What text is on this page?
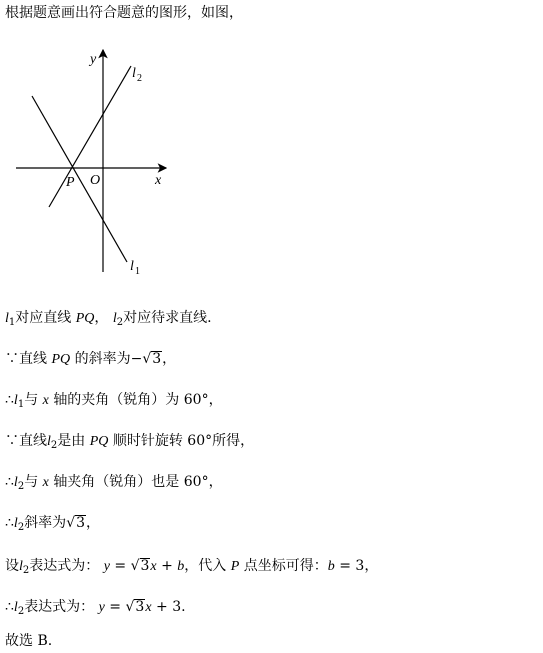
根据题意画出符合题意的图形，如图，
y
x
O
P
l 2
l 1
$l_1$对应直线 PQ， $l_2$对应待求直线.
∵直线 PQ 的斜率为−√3，
$\therefore l_1$与 x 轴的夹角（锐角）为 60°，
∵直线$l_2$是由 PQ 顺时针旋转 60°所得，
$\therefore l_2$与 x 轴夹角（锐角）也是 60°，
$\therefore l_2$斜率为√3，
设$l_2$表达式为： y = √3x + b，代入 P 点坐标可得：b = 3，
$\therefore l_2$表达式为： y = √3x + 3.
故选 B.
